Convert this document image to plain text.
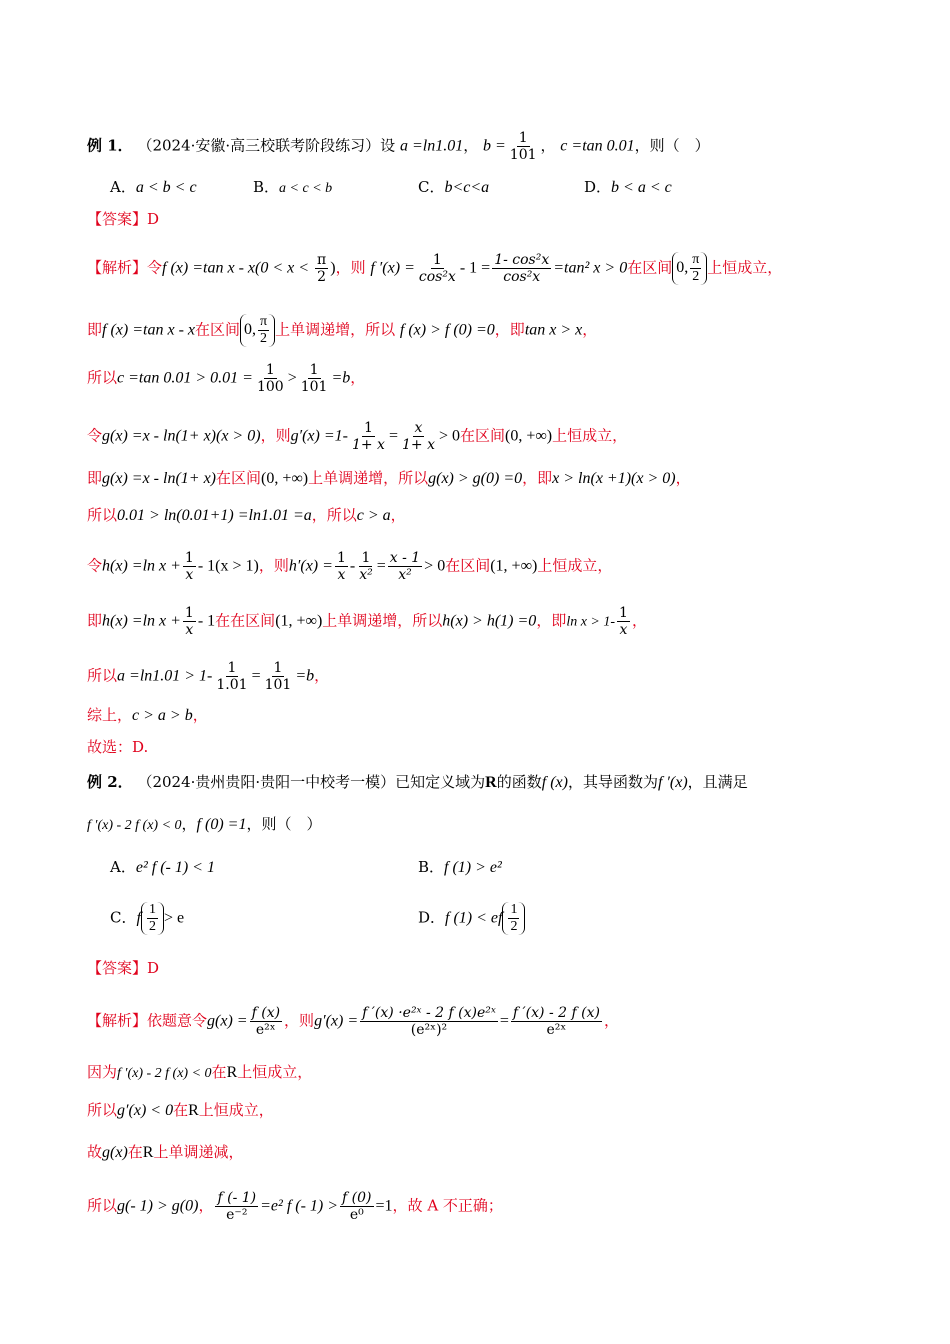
例 1． （2024·安徽·高三校联考阶段练习）设 a =ln1.01， $b = \frac{1}{101}$ ， c =tan 0.01，则（　）
A．a < b < c	B．a < c < b	C．b<c<a	D．b < a < c
【答案】D
【解析】令f (x) =tan $x - x(0 < x < \frac{\pi}{2}$ )，则 f $'(x) = \frac{1}{\text{cos²x}} - 1 = \frac{\text{1- cos²x}}{\text{cos²x}} =\tan^2$ x > 0在区间 0, $\frac{\pi}{2}$ 上恒成立，
即f (x) =tan x - x在区间 0, $\frac{\pi}{2}$ 上单调递增，所以 f (x) > f (0) =0，即tan x > x，
所以c =tan $0.01 > 0.01 = \frac{1}{100} > \frac{1}{101} =b$，
令g(x) =x - ln(1+ x)(x > 0)，则$g'(x) =1- \frac{1}{1+ x} = \frac{x}{1+ x} > 0$在区间(0, +∞)上恒成立，
即g(x) =x - ln(1+ x)在区间(0, +∞)上单调递增，所以g(x) > g(0) =0，即x > ln(x +1)(x > 0)，
所以0.01 > ln(0.01+1) =ln1.01 =a，所以c > a，
令h(x) =ln $x + \frac{1}{x} - 1(x > 1)$，则$h'(x) = \frac{1}{x} - \frac{1}{\text{x²}} = \frac{x - 1}{\text{x²}} > 0$在区间(1, +∞)上恒成立，
即h(x) =ln $x + \frac{1}{x} - 1$在在区间(1, +∞)上单调递增，所以h(x) > h(1) =0，即$\ln x > 1- \frac{1}{x}$ ，
所以$a =\ln 1.01 > 1- \frac{1}{1.01} = \frac{1}{101} =b$，
综上，c > a > b，
故选：D.
例 2． （2024·贵州贵阳·贵阳一中校考一模）已知定义域为R的函数f (x)，其导函数为f ′(x)，且满足
f ′(x) - 2 f (x) < 0，f (0) =1，则（　）
A．e² f (- 1) < 1	B．f (1) > e²
C．f $\frac{1}{2} > e$	D．f (1) < ef $\frac{1}{2}$
【答案】D
【解析】依题意令$g(x) = \frac{f (x)}{\text{e²ˣ}}$ ，则$g'(x) = \frac{\text{f ′(x) ·e²ˣ - 2 f (x)e²ˣ}}{\text{(e²ˣ)²}} = \frac{f '(x) - 2 f (x)}{\text{e²ˣ}}$ ，
因为f ′(x) - 2 f (x) < 0在R上恒成立，
所以g′(x) < 0在R上恒成立，
故g(x)在R上单调递减，
所以g(- 1) > g(0)， $\frac{f (- 1)}{\text{e⁻²}} =e^2$ f (- $1) > \frac{f (0)}{\text{e⁰}} =1$，故 A 不正确；
